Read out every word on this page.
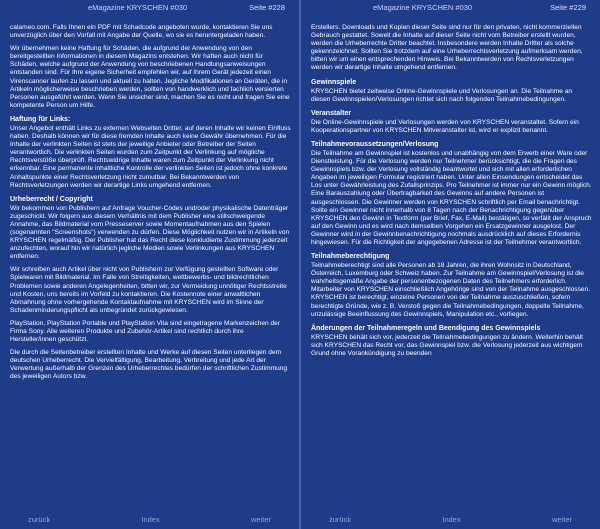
eMagazine KRYSCHEN #030	Seite #228

calameo.com. Falls Ihnen ein PDF mit Schadcode angeboten wurde, kontaktieren Sie uns unverzüglich über den Vorfall mit Angabe der Quelle, wo sie es heruntergeladen haben.

Wir übernehmen keine Haftung für Schäden, die aufgrund der Anwendung von den bereitgestellten Informationen in diesem Magazins entstehen. Wir haften auch nicht für Schäden, welche aufgrund der Anwendung von beschriebenen Handlungsanweisungen entstanden sind. Für Ihre eigene Sicherheit empfehlen wir, auf Ihrem Gerät jedezeit einen Virenscanner laufen zu lassen und aktuell zu halten. Jegliche Modifikationen an Geräten, die in Artikeln möglicherweise beschrieben werden, sollten von handwerklich und fachlich versierten Personen ausgeführt werden. Wenn Sie unsicher sind, machen Sie es nicht und fragen Sie eine kompetente Person um Hilfe.

Haftung für Links:

Unser Angebot enthält Links zu externen Webseiten Dritter, auf deren Inhalte wir keinen Einfluss haben. Deshalb können wir für diese fremden Inhalte auch keine Gewähr übernehmen. Für die Inhalte der verlinkten Seiten ist stets der jeweilige Anbieter oder Betreiber der Seiten verantwortlich. Die verlinkten Seiten wurden zum Zeitpunkt der Verlinkung auf mögliche Rechtsverstöße überprüft. Rechtswidrige Inhalte waren zum Zeitpunkt der Verlinkung nicht erkennbar. Eine permanente inhaltliche Kontrolle der verlinkten Seiten ist jedoch ohne konkrete Anhaltspunkte einer Rechtsverletzung nicht zumutbar. Bei Bekanntwerden von Rechtsverletzungen werden wir derartige Links umgehend entfernen.

Urheberrecht / Copyright

Wir bekommen von Publishern auf Anfrage Voucher-Codes und/oder physikalische Datenträger zugeschickt. Wir folgern aus diesem Verhältnis mit dem Publisher eine stillschweigende Annahme, das Bildmaterial vom Presseserver sowie Momentaufnahmen aus den Spielen (sogenannten "Screenshots") verwenden zu dürfen. Diese Möglichkeit nutzen wir in Artikeln von KRYSCHEN regelmäßig. Der Publisher hat das Recht diese konkludierte Zustimmung jederzeit anzufechten, worauf hin wir natürlich jegliche Medien sowie Verlinkungen aus KRYSCHEN entfernen.

Wir schreiben auch Artikel über nicht von Publishern zur Verfügung gestellten Software oder Spielwaren mit Bildmaterial. Im Falle von Streitigkeiten, wettbewerbs- und bildrechtlichen Problemen sowie anderen Angelegenheiten, bitten wir, zur Vermeidung unnötiger Rechtsstreite und Kosten, uns bereits im Vorfeld zu kontaktieren. Die Kostennote einer anwaltlichen Abmahnung ohne vorhergehende Kontaktaufnahme mit KRYSCHEN wird im Sinne der Schadenminderungspflicht als unbegründet zurückgewiesen.

PlayStation, PlayStation Portable und PlayStation Vita sind eingetragene Markenzeichen der Firma Sony. Alle weiteren Produkte und Zubehör-Artikel sind rechtlich durch ihre Hersteller/innen geschützt.

Die durch die Seitenbetreiber erstellten Inhalte und Werke auf diesen Seiten unterliegen dem deutschen Urheberrecht. Die Vervielfältigung, Bearbeitung, Verbreitung und jede Art der Verwertung außerhalb der Grenzen des Urheberrechtes bedürfen der schriftlichen Zustimmung des jeweiligen Autors bzw.

zurück	Index	weiter
eMagazine KRYSCHEN #030	Seite #229

Erstellers. Downloads und Kopien dieser Seite sind nur für den privaten, nicht kommerziellen Gebrauch gestattet. Soweit die Inhalte auf dieser Seite nicht vom Betreiber erstellt wurden, werden die Urheberrechte Dritter beachtet. Insbesondere werden Inhalte Dritter als solche gekennzeichnet. Sollten Sie trotzdem auf eine Urheberrechtsverletzung aufmerksam werden, bitten wir um einen entsprechenden Hinweis. Bei Bekanntwerden von Rechtsverletzungen werden wir derartige Inhalte umgehend entfernen.

Gewinnspiele

KRYSCHEN bietet zeitweise Online-Gewinnspiele und Verlosungen an. Die Teilnahme an diesen Gewinnspielen/Verlosungen richtet sich nach folgenden Teilnahmebedingungen.

Veranstalter

Die Online-Gewinnspiele und Verlosungen werden von KRYSCHEN veranstaltet. Sofern ein Kooperationspartner von KRYSCHEN Mitveranstalter ist, wird er explizit benannt.

Teilnahmevoraussetzungen/Verlosung

Die Teilnahme am Gewinnspiel ist kostenlos und unabhängig von dem Erwerb einer Ware oder Dienstleistung. Für die Verlosung werden nur Teilnehmer berücksichtigt, die die Fragen des Gewinnspiels bzw. der Verlosung vollständig beantwortet und sich mit allen erforderlichen Angaben im jeweiligen Formular registriert haben. Unter allen Einsendungen entscheidet das Los unter Gewährleistung des Zufallsprinzips. Pro Teilnehmer ist immer nur ein Gewinn möglich. Eine Barauszahlung oder Übertragbarkeit des Gewinns auf andere Personen ist ausgeschlossen. Die Gewinner werden von KRYSCHEN schriftlich per Email benachrichtigt. Sollte ein Gewinner nicht innerhalb von 8 Tagen nach der Benachrichtigung gegenüber KRYSCHEN den Gewinn in Textform (per Brief, Fax, E-Mail) bestätigen, so verfällt der Anspruch auf den Gewinn und es wird nach demselben Vorgehen ein Ersatzgewinner ausgelost. Der Gewinner wird in der Gewinnbenachrichtigung nochmals ausdrücklich auf dieses Erfordernis hingewiesen. Für die Richtigkeit der angegebenen Adresse ist der Teilnehmer verantwortlich.

Teilnahmeberechtigung

Teilnahmeberechtigt sind alle Personen ab 18 Jahren, die ihren Wohnsitz in Deutschland, Österreich, Luxemburg oder Schweiz haben. Zur Teilnahme am Gewinnspiel/Verlosung ist die wahrheitsgemäße Angabe der personenbezogenen Daten des Teilnehmers erforderlich. Mitarbeiter von KRYSCHEN einschließlich Angehörige sind von der Teilnahme ausgeschlossen. KRYSCHEN ist berechtigt, einzelne Personen von der Teilnahme auszuschließen, sofern berechtigte Gründe, wie z. B. Verstoß gegen die Teilnahmebedingungen, doppelte Teilnahme, unzulässige Beeinflussung des Gewinnspiels, Manipulation etc., vorliegen.

Änderungen der Teilnahmeregeln und Beendigung des Gewinnspiels

KRYSCHEN behält sich vor, jederzeit die Teilnahmebedingungen zu ändern. Weiterhin behält sich KRYSCHEN das Recht vor, das Gewinnspiel bzw. die Verlosung jederzeit aus wichtigem Grund ohne Vorankündigung zu beenden

zurück	Index	weiter
